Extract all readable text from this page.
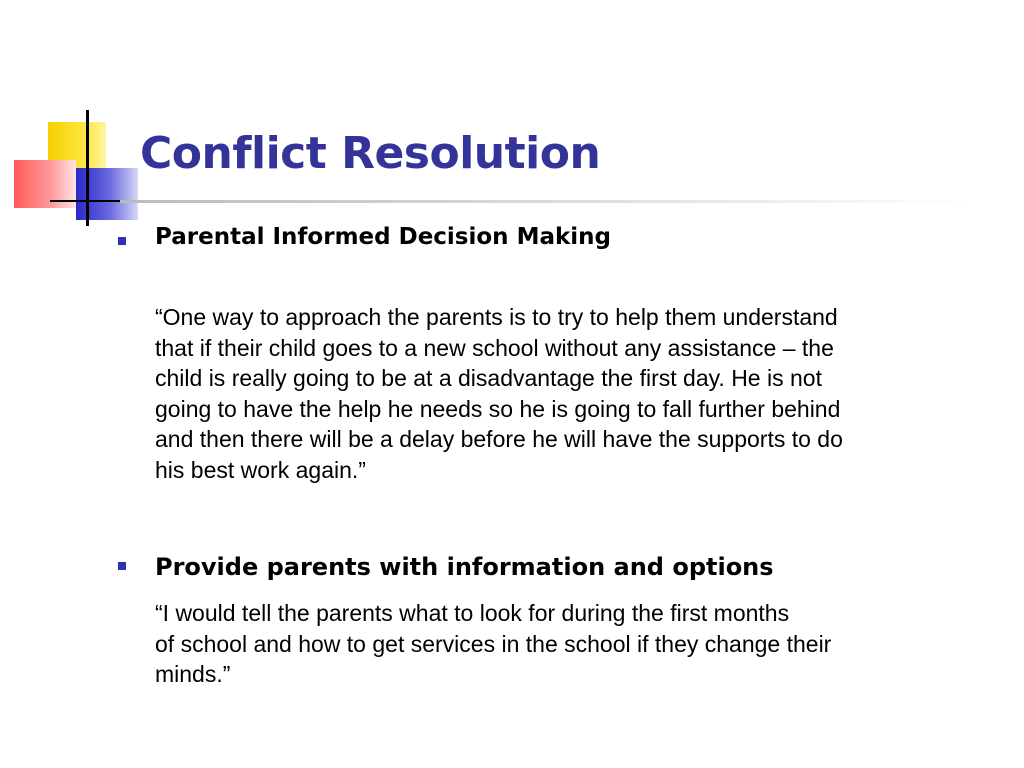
Conflict Resolution
Parental Informed Decision Making

“One way to approach the parents is to try to help them understand
that if their child goes to a new school without any assistance – the
child is really going to be at a disadvantage the first day. He is not
going to have the help he needs so he is going to fall further behind
and then there will be a delay before he will have the supports to do
his best work again.”

Provide parents with information and options

“I would tell the parents what to look for during the first months
of school and how to get services in the school if they change their
minds.”
